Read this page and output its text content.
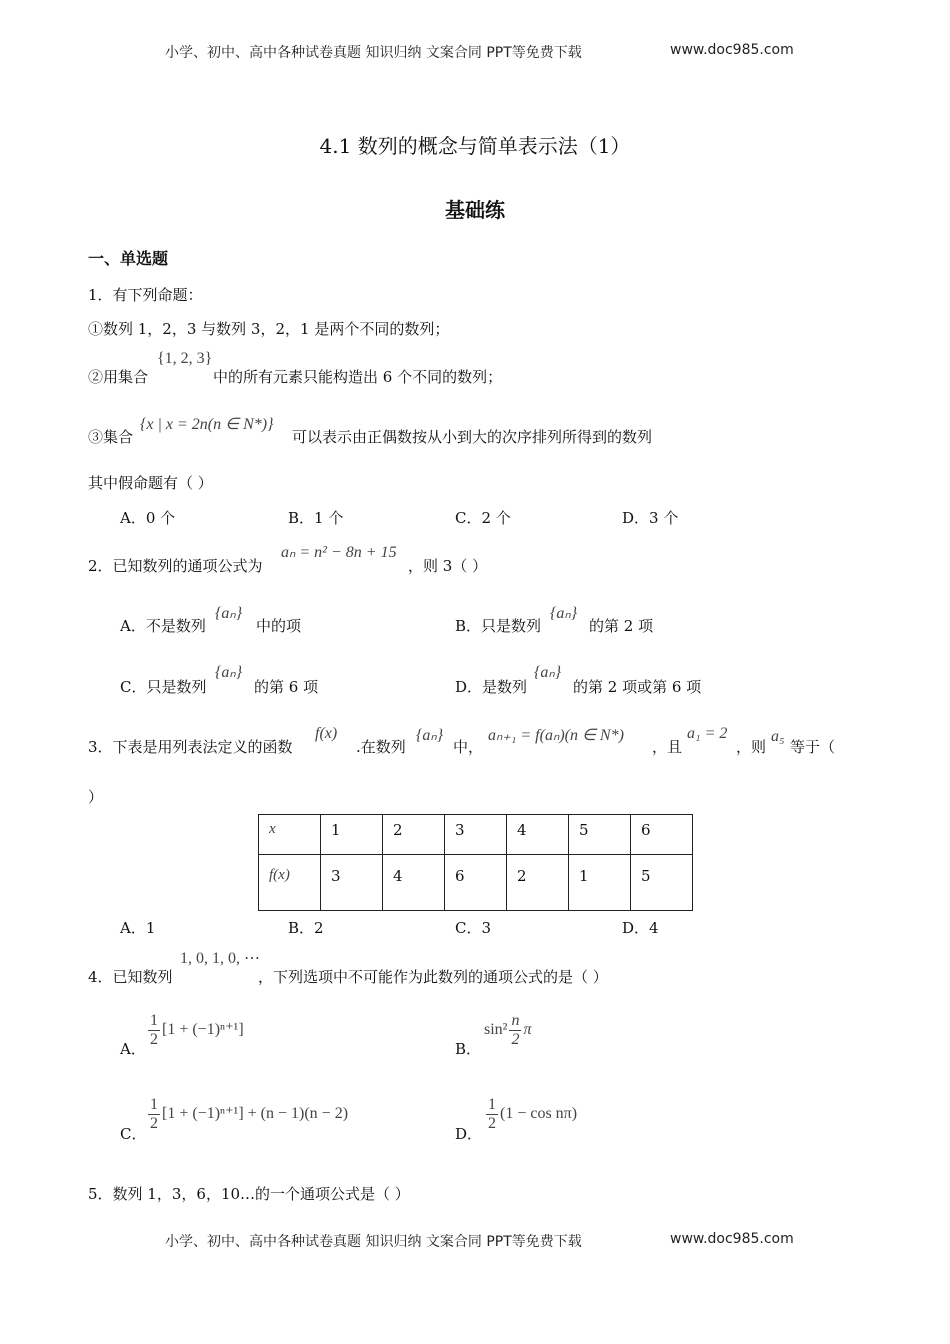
小学、初中、高中各种试卷真题 知识归纳 文案合同 PPT等免费下载	www.doc985.com
4.1 数列的概念与简单表示法（1）
基础练
一、单选题
1．有下列命题：
①数列 1，2，3 与数列 3，2，1 是两个不同的数列；
②用集合
{1, 2, 3}
中的所有元素只能构造出 6 个不同的数列；
③集合
{x | x = 2n(n ∈ N*)}
可以表示由正偶数按从小到大的次序排列所得到的数列
其中假命题有（ ）
A．0 个	B．1 个	C．2 个	D．3 个
2．已知数列的通项公式为
aₙ = n² − 8n + 15
，则 3（ ）
A．不是数列
{aₙ}
中的项	B．只是数列
{aₙ}
的第 2 项
C．只是数列
{aₙ}
的第 6 项	D．是数列
{aₙ}
的第 2 项或第 6 项
3．下表是用列表法定义的函数
f(x)
.在数列
{aₙ}
中，
aₙ₊₁ = f(aₙ)(n ∈ N*)
，且
a₁ = 2
，则
a₅
等于（
）
x	1	2	3	4	5	6
f(x)	3	4	6	2	1	5
A．1	B．2	C．3	D．4
4．已知数列
1, 0, 1, 0, ⋯
，下列选项中不可能作为此数列的通项公式的是（ ）
A． $\frac{1}{2} [1 + (-1)^{n+1}]$
B．
$\sin^2 \frac{n}{2}$ π
C．
$\frac{1}{2} [1 + (-1)^{n+1}] + (n - 1)(n - 2)$
D．
$\frac{1}{2} (1 - \cos n\pi)$
5．数列 1，3，6，10…的一个通项公式是（ ）
小学、初中、高中各种试卷真题 知识归纳 文案合同 PPT等免费下载	www.doc985.com
